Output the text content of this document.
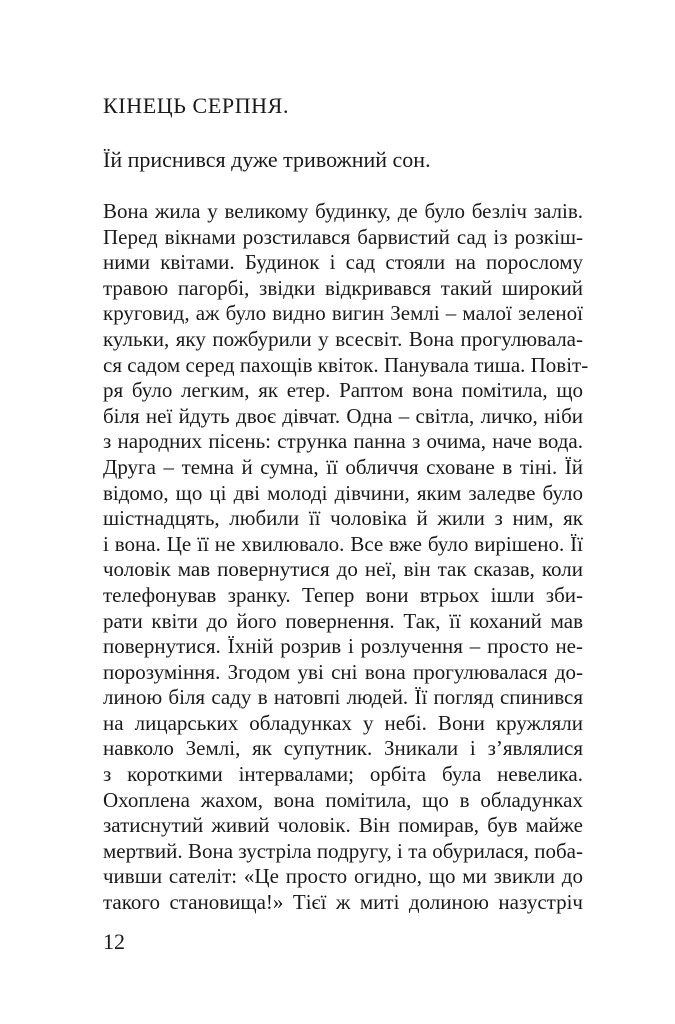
КІНЕЦЬ СЕРПНЯ.

Їй приснився дуже тривожний сон.

Вона жила у великому будинку, де було безліч залів.
Перед вікнами розстилався барвистий сад із розкіш-
ними квітами. Будинок і сад стояли на порослому
травою пагорбі, звідки відкривався такий широкий
круговид, аж було видно вигин Землі – малої зеленої
кульки, яку пожбурили у всесвіт. Вона прогулювала-
ся садом серед пахощів квіток. Панувала тиша. Повіт-
ря було легким, як етер. Раптом вона помітила, що
біля неї йдуть двоє дівчат. Одна – світла, личко, ніби
з народних пісень: струнка панна з очима, наче вода.
Друга – темна й сумна, її обличчя сховане в тіні. Їй
відомо, що ці дві молоді дівчини, яким заледве було
шістнадцять, любили її чоловіка й жили з ним, як
і вона. Це її не хвилювало. Все вже було вирішено. Її
чоловік мав повернутися до неї, він так сказав, коли
телефонував зранку. Тепер вони втрьох ішли зби-
рати квіти до його повернення. Так, її коханий мав
повернутися. Їхній розрив і розлучення – просто не-
порозуміння. Згодом уві сні вона прогулювалася до-
линою біля саду в натовпі людей. Її погляд спинився
на лицарських обладунках у небі. Вони кружляли
навколо Землі, як супутник. Зникали і з’являлися
з короткими інтервалами; орбіта була невелика.
Охоплена жахом, вона помітила, що в обладунках
затиснутий живий чоловік. Він помирав, був майже
мертвий. Вона зустріла подругу, і та обурилася, поба-
чивши сателіт: «Це просто огидно, що ми звикли до
такого становища!» Тієї ж миті долиною назустріч

12
